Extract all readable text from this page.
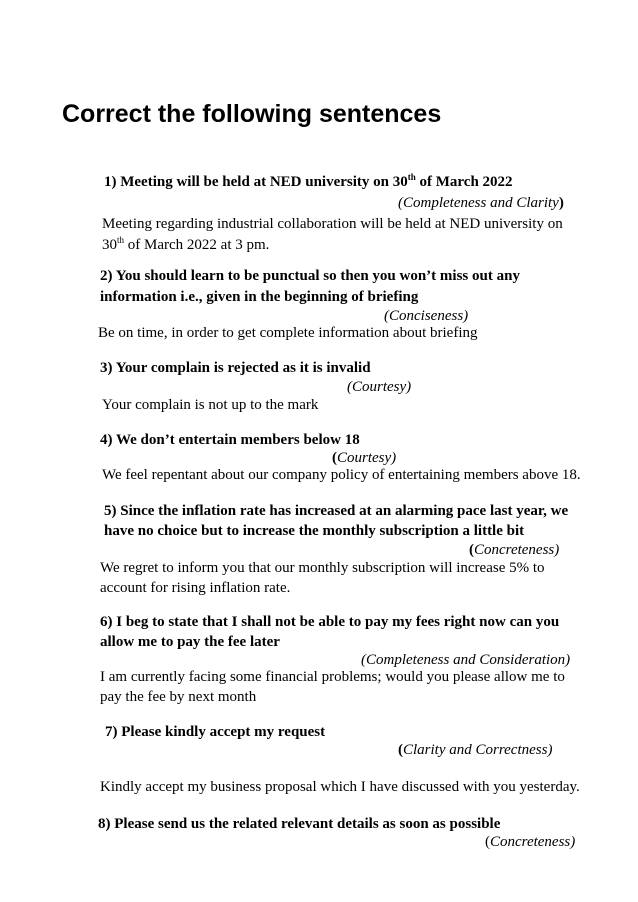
Correct the following sentences
1) Meeting will be held at NED university on 30th of March 2022
(Completeness and Clarity)
Meeting regarding industrial collaboration will be held at NED university on
30th of March 2022 at 3 pm.
2) You should learn to be punctual so then you won’t miss out any
information i.e., given in the beginning of briefing
(Conciseness)
Be on time, in order to get complete information about briefing
3) Your complain is rejected as it is invalid
(Courtesy)
Your complain is not up to the mark
4) We don’t entertain members below 18
(Courtesy)
We feel repentant about our company policy of entertaining members above 18.
5) Since the inflation rate has increased at an alarming pace last year, we
have no choice but to increase the monthly subscription a little bit
(Concreteness)
We regret to inform you that our monthly subscription will increase 5% to
account for rising inflation rate.
6) I beg to state that I shall not be able to pay my fees right now can you
allow me to pay the fee later
(Completeness and Consideration)
I am currently facing some financial problems; would you please allow me to
pay the fee by next month
7) Please kindly accept my request
(Clarity and Correctness)
Kindly accept my business proposal which I have discussed with you yesterday.
8) Please send us the related relevant details as soon as possible
(Concreteness)
